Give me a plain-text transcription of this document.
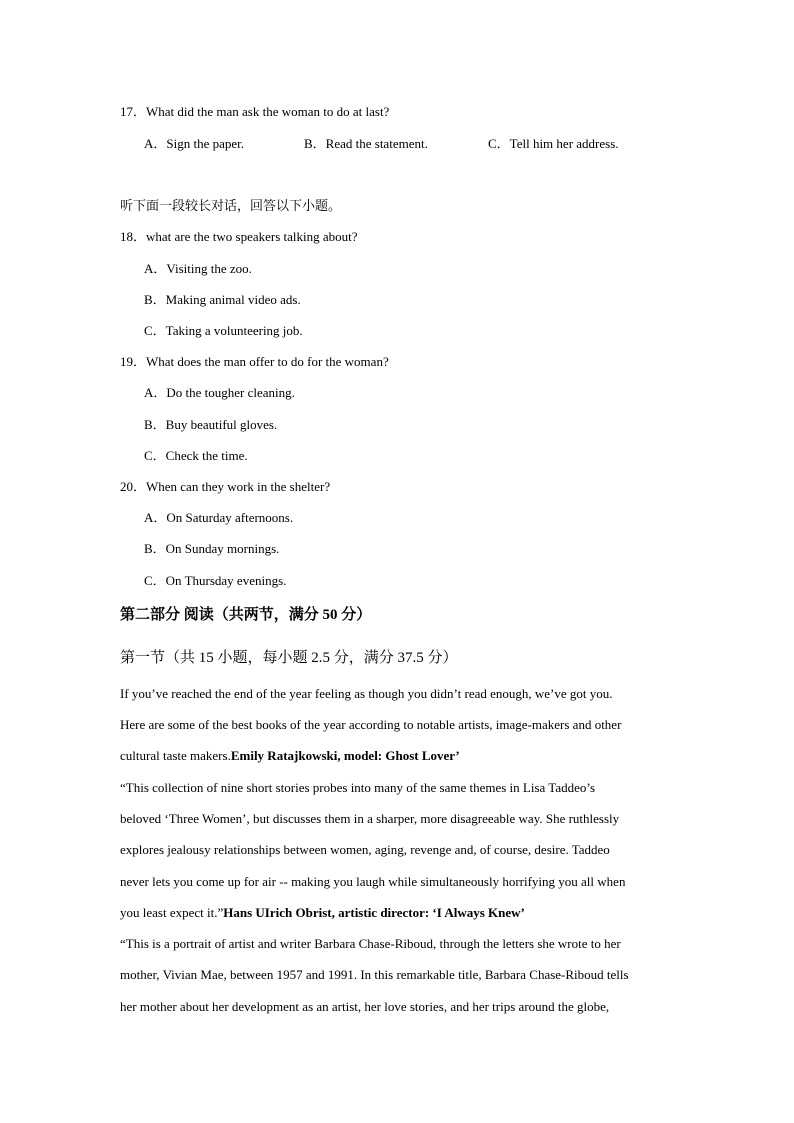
17．What did the man ask the woman to do at last?
A．Sign the paper.	B．Read the statement.	C．Tell him her address.
听下面一段较长对话，回答以下小题。
18．what are the two speakers talking about?
A．Visiting the zoo.
B．Making animal video ads.
C．Taking a volunteering job.
19．What does the man offer to do for the woman?
A．Do the tougher cleaning.
B．Buy beautiful gloves.
C．Check the time.
20．When can they work in the shelter?
A．On Saturday afternoons.
B．On Sunday mornings.
C．On Thursday evenings.
第二部分 阅读（共两节，满分 50 分）
第一节（共 15 小题，每小题 2.5 分，满分 37.5 分）
If you’ve reached the end of the year feeling as though you didn’t read enough, we’ve got you.
Here are some of the best books of the year according to notable artists, image-makers and other
cultural taste makers.Emily Ratajkowski, model: Ghost Lover’
“This collection of nine short stories probes into many of the same themes in Lisa Taddeo’s
beloved ‘Three Women’, but discusses them in a sharper, more disagreeable way. She ruthlessly
explores jealousy relationships between women, aging, revenge and, of course, desire. Taddeo
never lets you come up for air -- making you laugh while simultaneously horrifying you all when
you least expect it.”Hans UIrich Obrist, artistic director: ‘I Always Knew’
“This is a portrait of artist and writer Barbara Chase-Riboud, through the letters she wrote to her
mother, Vivian Mae, between 1957 and 1991. In this remarkable title, Barbara Chase-Riboud tells
her mother about her development as an artist, her love stories, and her trips around the globe,
